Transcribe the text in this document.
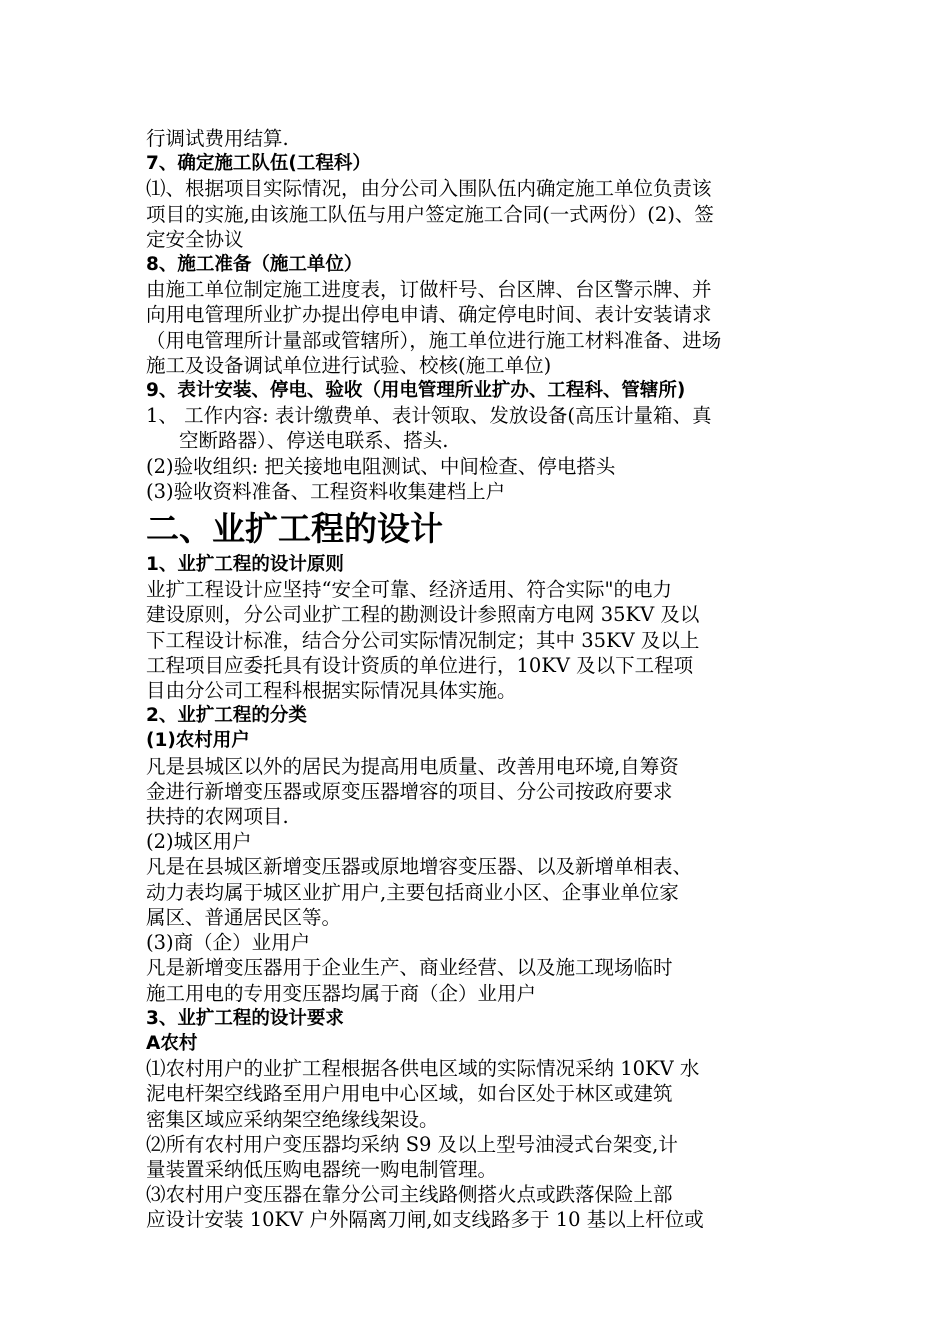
行调试费用结算.
7、确定施工队伍(工程科）
⑴、根据项目实际情况，由分公司入围队伍内确定施工单位负责该
项目的实施,由该施工队伍与用户签定施工合同(一式两份）(2)、签
定安全协议
8、施工准备（施工单位）
由施工单位制定施工进度表，订做杆号、台区牌、台区警示牌、并
向用电管理所业扩办提出停电申请、确定停电时间、表计安装请求
（用电管理所计量部或管辖所），施工单位进行施工材料准备、进场
施工及设备调试单位进行试验、校核(施工单位)
9、表计安装、停电、验收（用电管理所业扩办、工程科、管辖所)
1、 工作内容: 表计缴费单、表计领取、发放设备(高压计量箱、真
空断路器）、停送电联系、搭头.
(2)验收组织: 把关接地电阻测试、中间检查、停电搭头
(3)验收资料准备、工程资料收集建档上户
二、业扩工程的设计
1、业扩工程的设计原则
业扩工程设计应坚持“安全可靠、经济适用、符合实际"的电力
建设原则，分公司业扩工程的勘测设计参照南方电网 35KV 及以
下工程设计标准，结合分公司实际情况制定；其中 35KV 及以上
工程项目应委托具有设计资质的单位进行，10KV 及以下工程项
目由分公司工程科根据实际情况具体实施。
2、业扩工程的分类
(1)农村用户
凡是县城区以外的居民为提高用电质量、改善用电环境,自筹资
金进行新增变压器或原变压器增容的项目、分公司按政府要求
扶持的农网项目.
(2)城区用户
凡是在县城区新增变压器或原地增容变压器、以及新增单相表、
动力表均属于城区业扩用户,主要包括商业小区、企事业单位家
属区、普通居民区等。
(3)商（企）业用户
凡是新增变压器用于企业生产、商业经营、以及施工现场临时
施工用电的专用变压器均属于商（企）业用户
3、业扩工程的设计要求
A农村
⑴农村用户的业扩工程根据各供电区域的实际情况采纳 10KV 水
泥电杆架空线路至用户用电中心区域，如台区处于林区或建筑
密集区域应采纳架空绝缘线架设。
⑵所有农村用户变压器均采纳 S9 及以上型号油浸式台架变,计
量装置采纳低压购电器统一购电制管理。
⑶农村用户变压器在靠分公司主线路侧搭火点或跌落保险上部
应设计安装 10KV 户外隔离刀闸,如支线路多于 10 基以上杆位或
